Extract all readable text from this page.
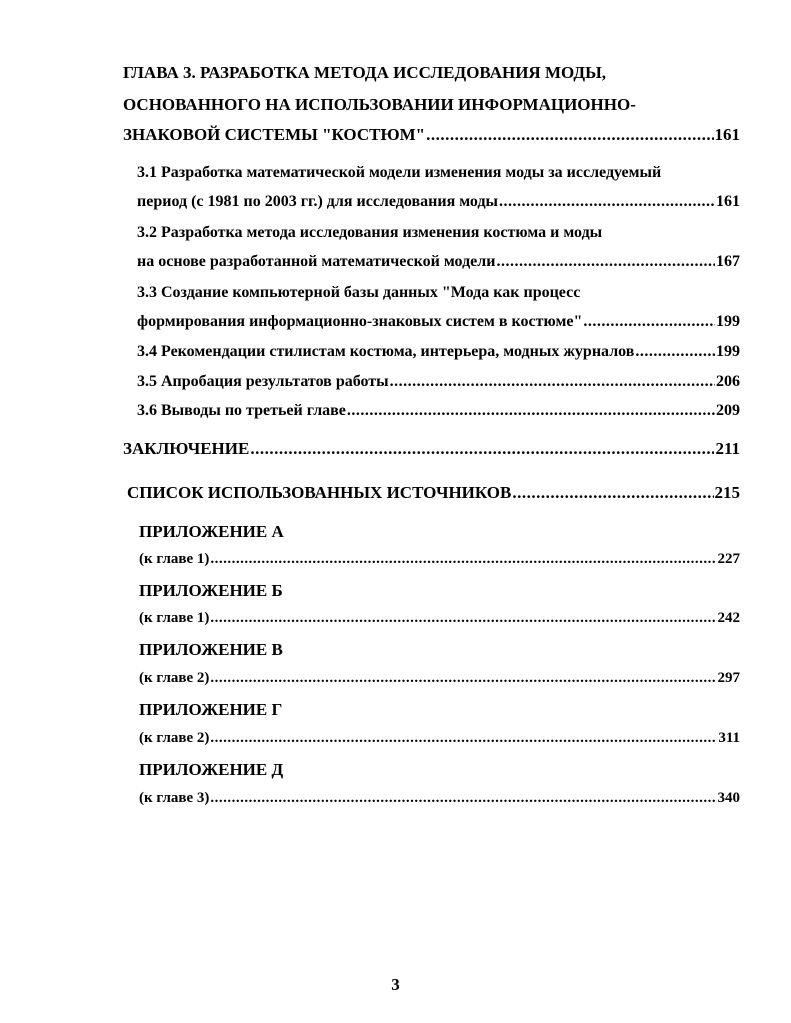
ГЛАВА 3. РАЗРАБОТКА МЕТОДА ИССЛЕДОВАНИЯ МОДЫ,
ОСНОВАННОГО НА ИСПОЛЬЗОВАНИИ ИНФОРМАЦИОННО-
ЗНАКОВОЙ СИСТЕМЫ "КОСТЮМ" .....	161
3.1 Разработка математической модели изменения моды за исследуемый
период (с 1981 по 2003 гг.) для исследования моды .....	161
3.2 Разработка метода исследования изменения костюма и моды
на основе разработанной математической модели .....	167
3.3 Создание компьютерной базы данных "Мода как процесс
формирования информационно-знаковых систем в костюме" .....	199
3.4 Рекомендации стилистам костюма, интерьера, модных журналов .....	199
3.5 Апробация результатов работы .....	206
3.6 Выводы по третьей главе .....	209
ЗАКЛЮЧЕНИЕ .....	211
СПИСОК ИСПОЛЬЗОВАННЫХ ИСТОЧНИКОВ .....	215
ПРИЛОЖЕНИЕ А
(к главе 1) .....	227
ПРИЛОЖЕНИЕ Б
(к главе 1) .....	242
ПРИЛОЖЕНИЕ В
(к главе 2) .....	297
ПРИЛОЖЕНИЕ Г
(к главе 2) .....	311
ПРИЛОЖЕНИЕ Д
(к главе 3) .....	340
3
